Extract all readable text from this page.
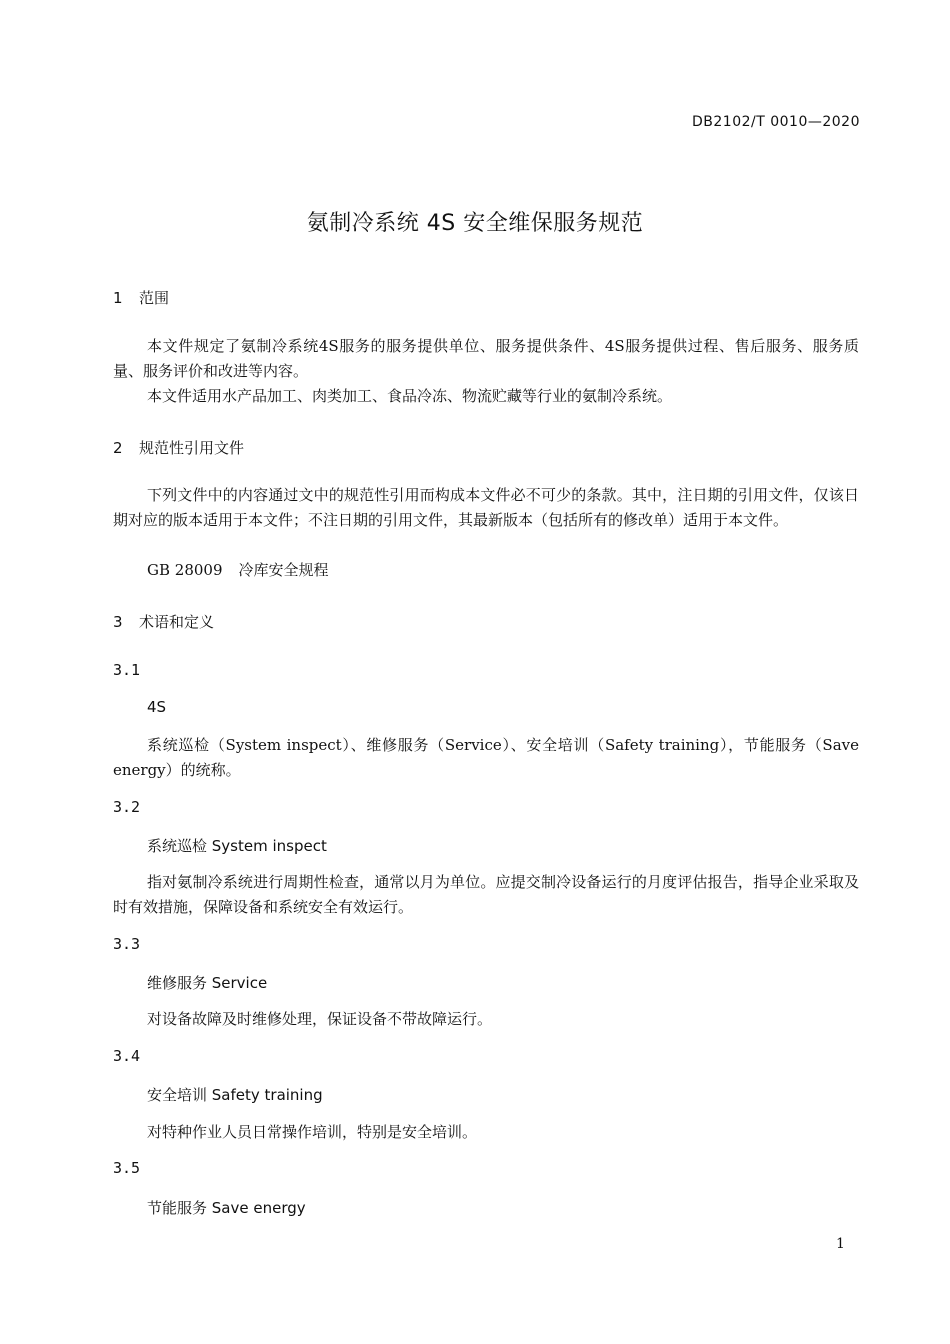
DB2102/T 0010—2020
氨制冷系统 4S 安全维保服务规范
1 范围
本文件规定了氨制冷系统4S服务的服务提供单位、服务提供条件、4S服务提供过程、售后服务、服务质量、服务评价和改进等内容。
本文件适用水产品加工、肉类加工、食品冷冻、物流贮藏等行业的氨制冷系统。
2 规范性引用文件
下列文件中的内容通过文中的规范性引用而构成本文件必不可少的条款。其中，注日期的引用文件，仅该日期对应的版本适用于本文件；不注日期的引用文件，其最新版本（包括所有的修改单）适用于本文件。
GB 28009 冷库安全规程
3 术语和定义
3.1
4S
系统巡检（System inspect）、维修服务（Service）、安全培训（Safety training），节能服务（Save energy）的统称。
3.2
系统巡检 System inspect
指对氨制冷系统进行周期性检查，通常以月为单位。应提交制冷设备运行的月度评估报告，指导企业采取及时有效措施，保障设备和系统安全有效运行。
3.3
维修服务 Service
对设备故障及时维修处理，保证设备不带故障运行。
3.4
安全培训 Safety training
对特种作业人员日常操作培训，特别是安全培训。
3.5
节能服务 Save energy
1
